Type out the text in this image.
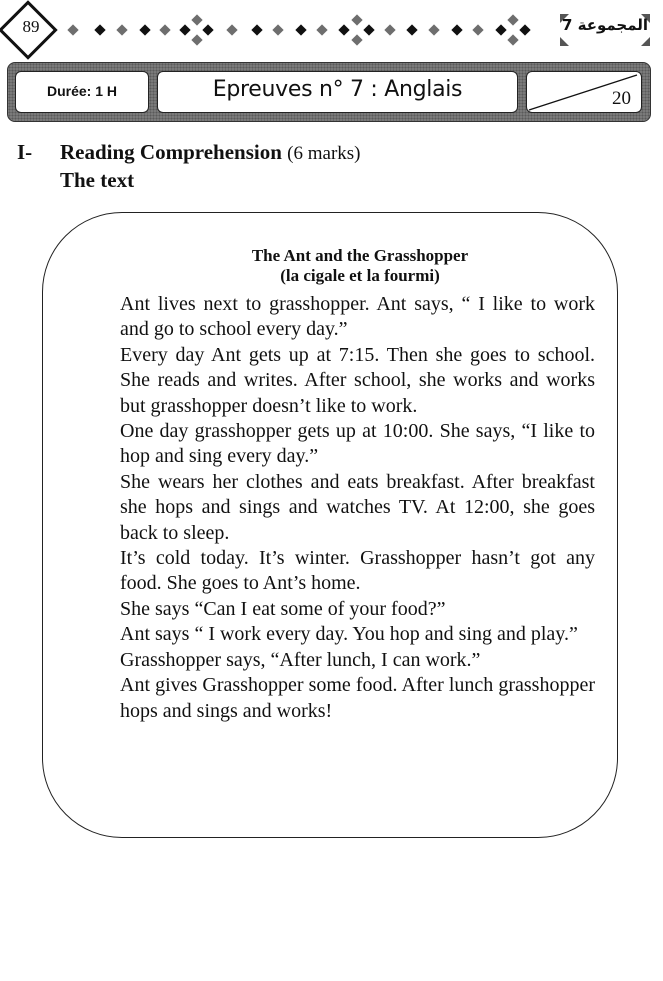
89	المجموعة 7
Durée: 1 H	Epreuves n° 7 : Anglais	20
I- Reading Comprehension (6 marks)
The text
The Ant and the Grasshopper
(la cigale et la fourmi)

Ant lives next to grasshopper. Ant says, “ I like to work and go to school every day.”

Every day Ant gets up at 7:15. Then she goes to school. She reads and writes. After school, she works and works but grasshopper doesn’t like to work.

One day grasshopper gets up at 10:00. She says, “I like to hop and sing every day.”

She wears her clothes and eats breakfast. After breakfast she hops and sings and watches TV. At 12:00, she goes back to sleep.

It’s cold today. It’s winter. Grasshopper hasn’t got any food. She goes to Ant’s home.

She says “Can I eat some of your food?”

Ant says “ I work every day. You hop and sing and play.”

Grasshopper says, “After lunch, I can work.”

Ant gives Grasshopper some food. After lunch grasshopper hops and sings and works!
